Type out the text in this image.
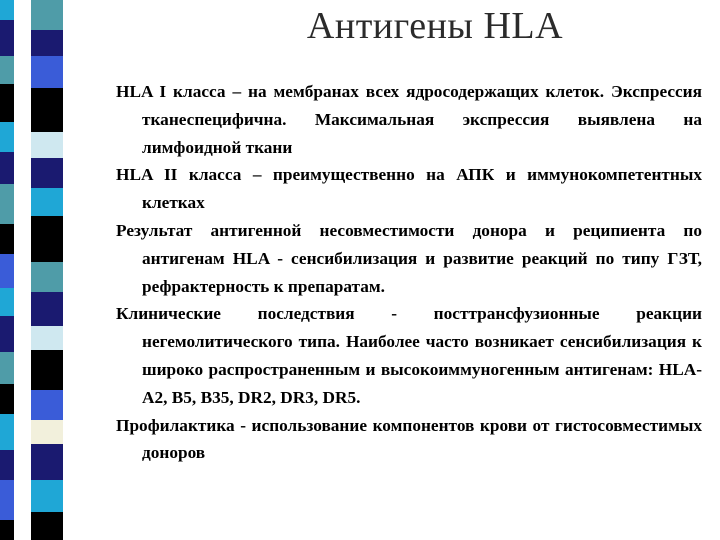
Антигены HLA

HLA I класса – на мембранах всех ядросодержащих клеток. Экспрессия тканеспецифична. Максимальная экспрессия выявлена на лимфоидной ткани

HLA II класса – преимущественно на АПК и иммунокомпетентных клетках

Результат антигенной несовместимости донора и реципиента по антигенам HLA - сенсибилизация и развитие реакций по типу ГЗТ, рефрактерность к препаратам.

Клинические последствия - посттрансфузионные реакции негемолитического типа. Наиболее часто возникает сенсибилизация к широко распространенным и высокоиммуногенным антигенам: HLA-A2, B5, B35, DR2, DR3, DR5.

Профилактика - использование компонентов крови от гистосовместимых доноров
